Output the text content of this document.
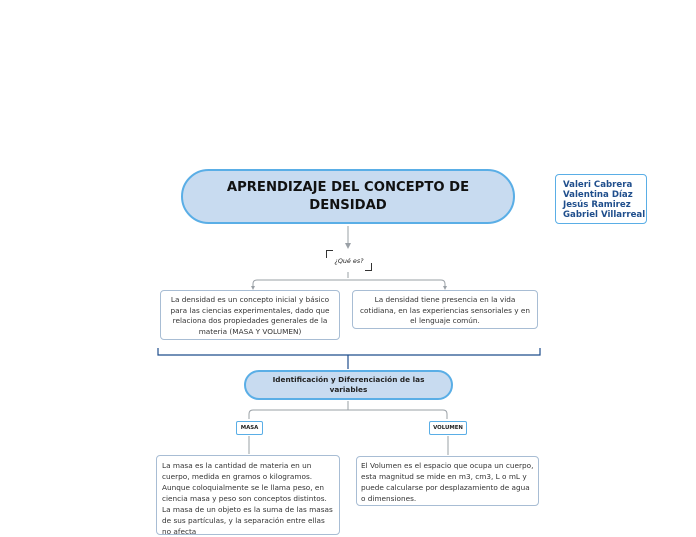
APRENDIZAJE DEL CONCEPTO DE DENSIDAD
Valeri Cabrera
Valentina Díaz
Jesús Ramirez
Gabriel Villarreal
¿Qué es?
La densidad es un concepto inicial y básico para las ciencias experimentales, dado que relaciona dos propiedades generales de la materia (MASA Y VOLUMEN)
La densidad tiene presencia en la vida cotidiana, en las experiencias sensoriales y en el lenguaje común.
Identificación y Diferenciación de las variables
MASA	VOLUMEN
La masa es la cantidad de materia en un cuerpo, medida en gramos o kilogramos. Aunque coloquialmente se le llama peso, en ciencia masa y peso son conceptos distintos. La masa de un objeto es la suma de las masas de sus partículas, y la separación entre ellas no afecta
El Volumen es el espacio que ocupa un cuerpo, esta magnitud se mide en m3, cm3, L o mL y puede calcularse por desplazamiento de agua o dimensiones.
